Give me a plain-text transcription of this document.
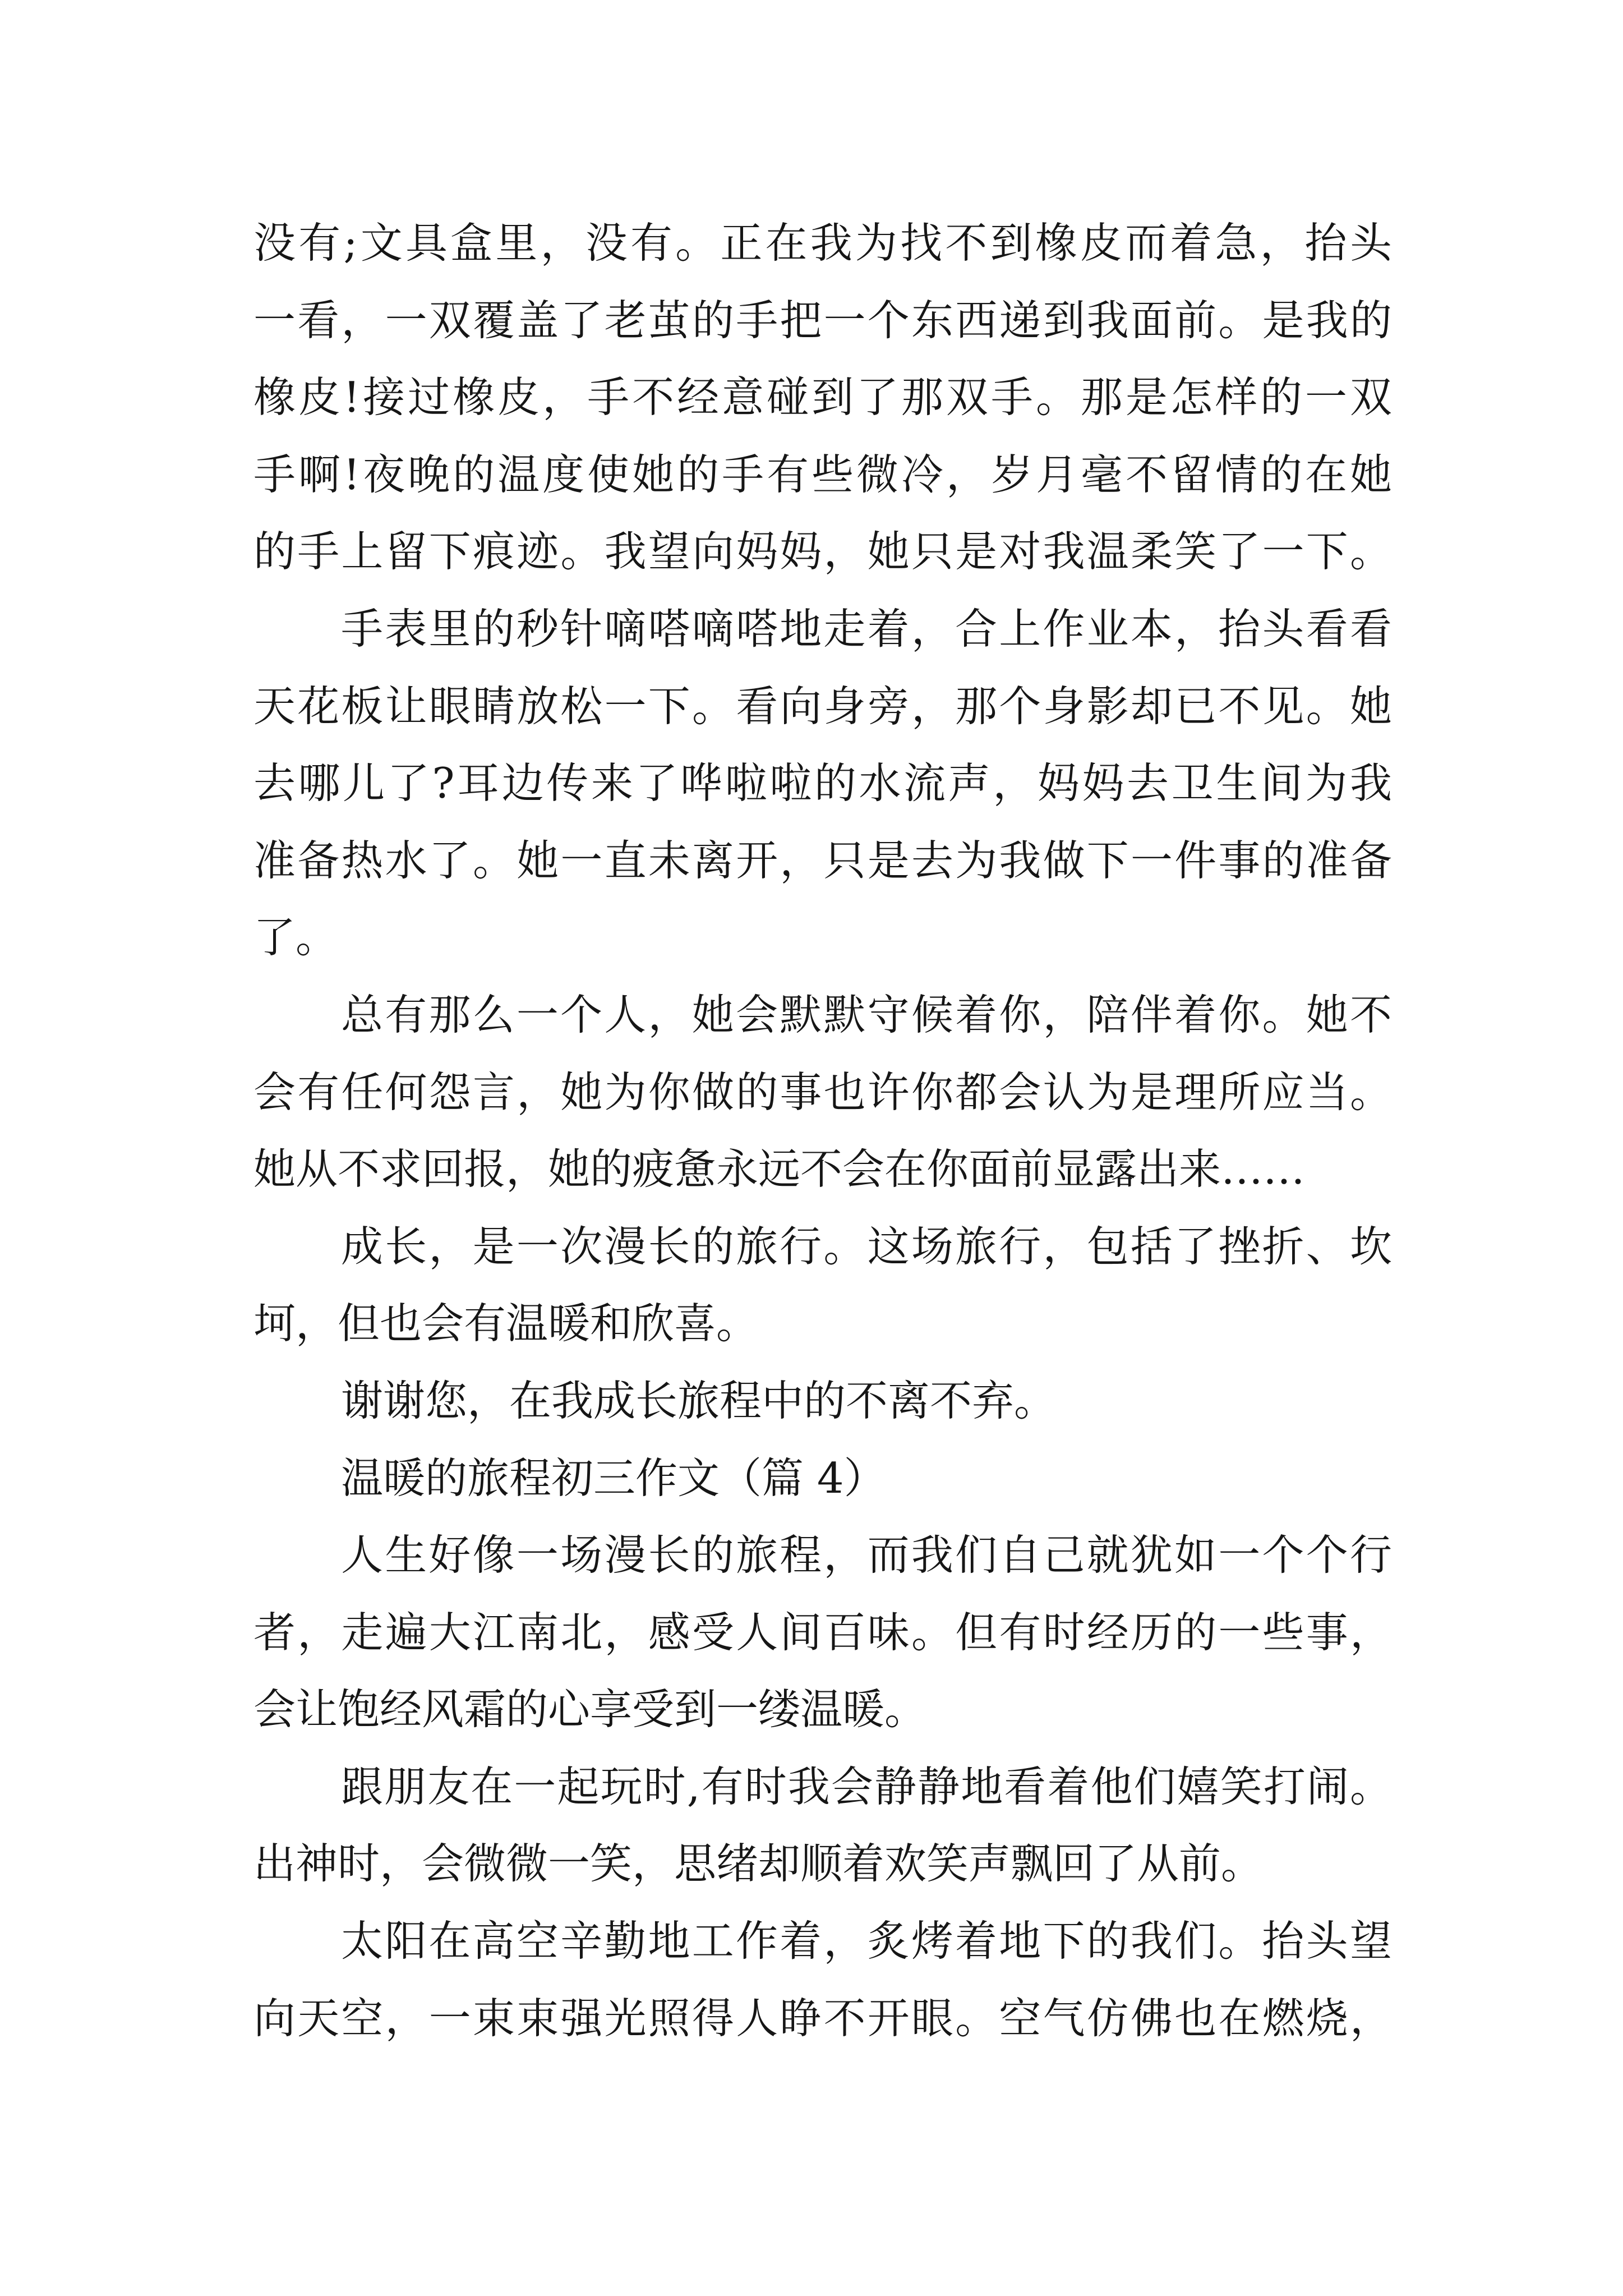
没有;文具盒里，没有。正在我为找不到橡皮而着急，抬头
一看，一双覆盖了老茧的手把一个东西递到我面前。是我的
橡皮!接过橡皮，手不经意碰到了那双手。那是怎样的一双
手啊!夜晚的温度使她的手有些微冷，岁月毫不留情的在她
的手上留下痕迹。我望向妈妈，她只是对我温柔笑了一下。
手表里的秒针嘀嗒嘀嗒地走着，合上作业本，抬头看看
天花板让眼睛放松一下。看向身旁，那个身影却已不见。她
去哪儿了?耳边传来了哗啦啦的水流声，妈妈去卫生间为我
准备热水了。她一直未离开，只是去为我做下一件事的准备
了。
总有那么一个人，她会默默守候着你，陪伴着你。她不
会有任何怨言，她为你做的事也许你都会认为是理所应当。
她从不求回报，她的疲惫永远不会在你面前显露出来……
成长，是一次漫长的旅行。这场旅行，包括了挫折、坎
坷，但也会有温暖和欣喜。
谢谢您，在我成长旅程中的不离不弃。
温暖的旅程初三作文（篇 4）
人生好像一场漫长的旅程，而我们自己就犹如一个个行
者，走遍大江南北，感受人间百味。但有时经历的一些事，
会让饱经风霜的心享受到一缕温暖。
跟朋友在一起玩时,有时我会静静地看着他们嬉笑打闹。
出神时，会微微一笑，思绪却顺着欢笑声飘回了从前。
太阳在高空辛勤地工作着，炙烤着地下的我们。抬头望
向天空，一束束强光照得人睁不开眼。空气仿佛也在燃烧，
